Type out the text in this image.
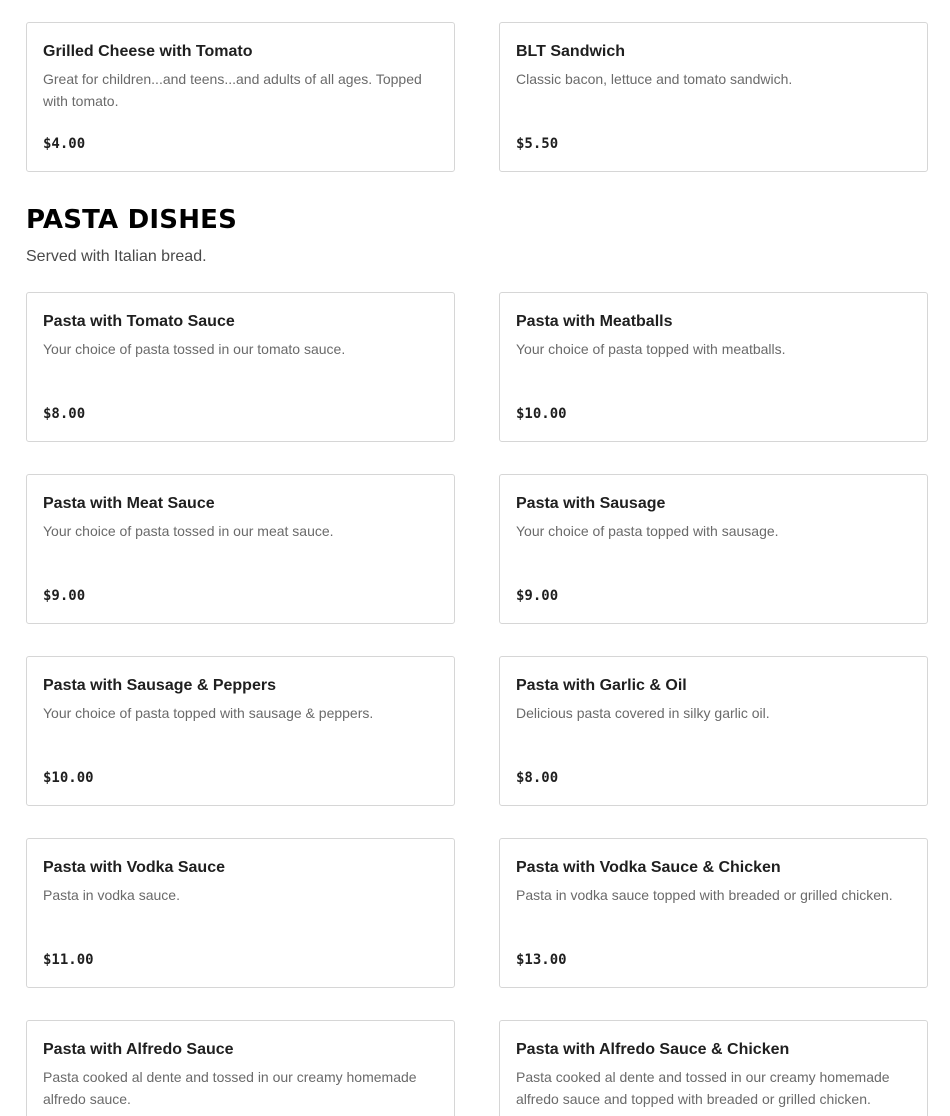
Grilled Cheese with Tomato
Great for children...and teens...and adults of all ages. Topped with tomato.
$4.00
BLT Sandwich
Classic bacon, lettuce and tomato sandwich.
$5.50
PASTA DISHES
Served with Italian bread.
Pasta with Tomato Sauce
Your choice of pasta tossed in our tomato sauce.
$8.00
Pasta with Meatballs
Your choice of pasta topped with meatballs.
$10.00
Pasta with Meat Sauce
Your choice of pasta tossed in our meat sauce.
$9.00
Pasta with Sausage
Your choice of pasta topped with sausage.
$9.00
Pasta with Sausage & Peppers
Your choice of pasta topped with sausage & peppers.
$10.00
Pasta with Garlic & Oil
Delicious pasta covered in silky garlic oil.
$8.00
Pasta with Vodka Sauce
Pasta in vodka sauce.
$11.00
Pasta with Vodka Sauce & Chicken
Pasta in vodka sauce topped with breaded or grilled chicken.
$13.00
Pasta with Alfredo Sauce
Pasta cooked al dente and tossed in our creamy homemade alfredo sauce.
Pasta with Alfredo Sauce & Chicken
Pasta cooked al dente and tossed in our creamy homemade alfredo sauce and topped with breaded or grilled chicken.
